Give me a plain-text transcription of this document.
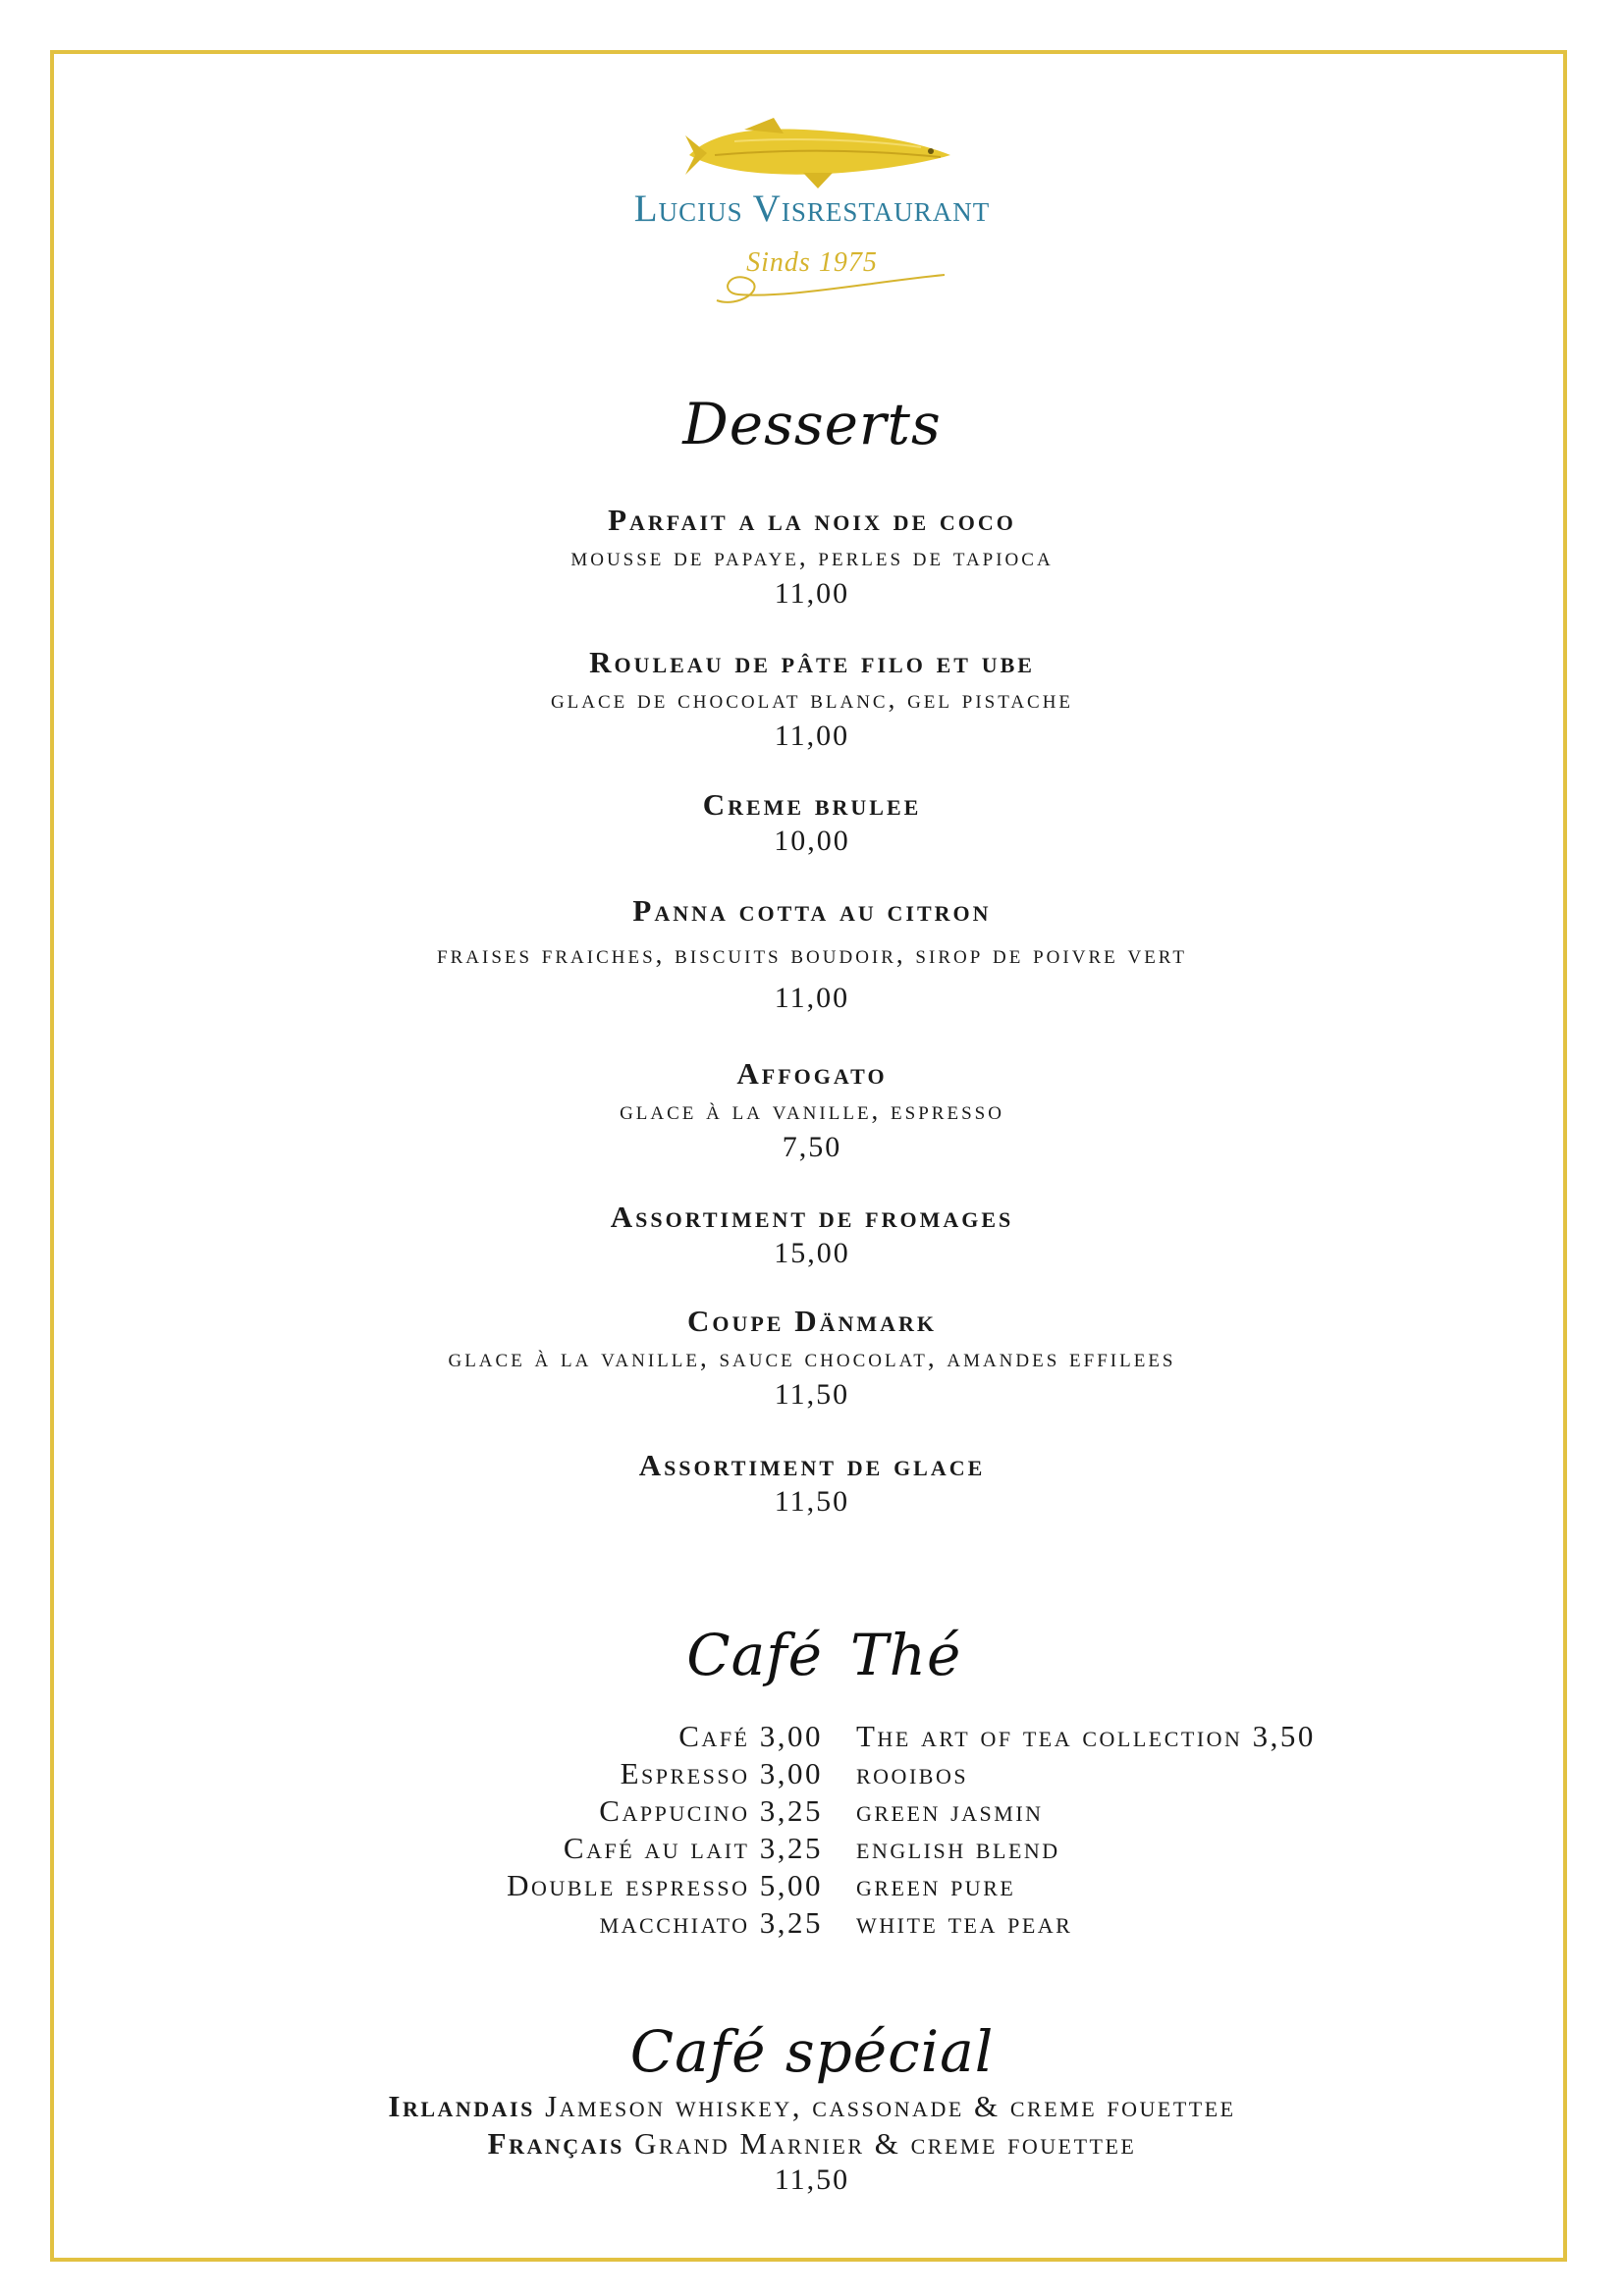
Lucius Visrestaurant
Sinds 1975
Desserts
Parfait a la noix de coco
mousse de papaye, perles de tapioca
11,00
Rouleau de pâte filo et ube
glace de chocolat blanc, gel pistache
11,00
Creme brulee
10,00
Panna cotta au citron
fraises fraiches, biscuits boudoir, sirop de poivre vert
11,00
Affogato
glace à la vanille, espresso
7,50
Assortiment de fromages
15,00
Coupe Dänmark
glace à la vanille, sauce chocolat, amandes effilees
11,50
Assortiment de glace
11,50
Café Thé
Café 3,00
Espresso 3,00
Cappucino 3,25
Café au lait 3,25
Double espresso 5,00
macchiato 3,25
The art of tea collection 3,50
rooibos
green jasmin
english blend
green pure
white tea pear
Café spécial
Irlandais Jameson whiskey, cassonade & creme fouettee
Français Grand Marnier & creme fouettee
11,50
